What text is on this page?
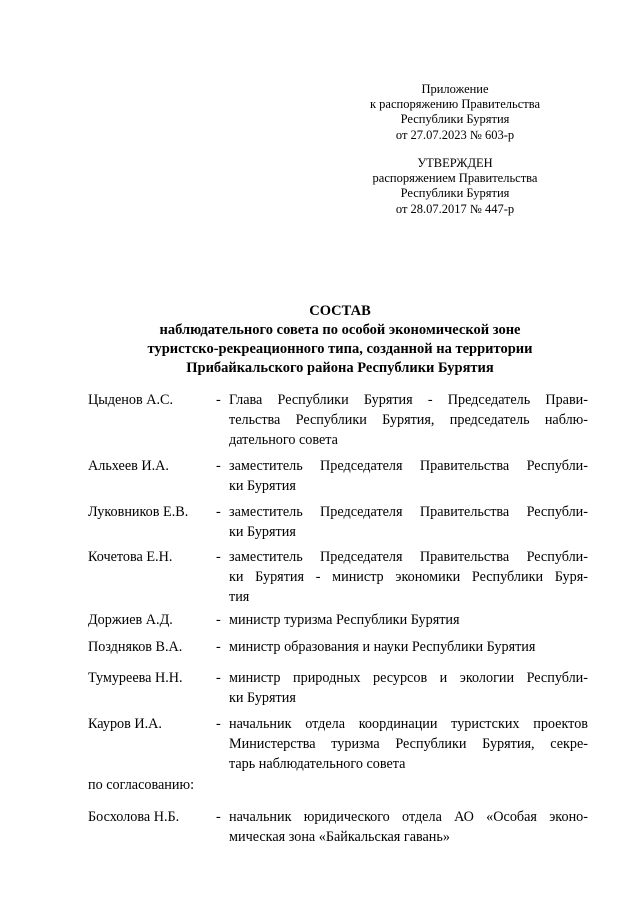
Приложение
к распоряжению Правительства
Республики Бурятия
от 27.07.2023 № 603-р
УТВЕРЖДЕН
распоряжением Правительства
Республики Бурятия
от 28.07.2017 № 447-р
СОСТАВ
наблюдательного совета по особой экономической зоне
туристско-рекреационного типа, созданной на территории
Прибайкальского района Республики Бурятия
Цыденов А.С.	- Глава Республики Бурятия - Председатель Прави-
тельства Республики Бурятия, председатель наблю-
дательного совета
Альхеев И.А.	- заместитель Председателя Правительства Республи-
ки Бурятия
Луковников Е.В. - заместитель Председателя Правительства Республи-
ки Бурятия
Кочетова Е.Н.	- заместитель Председателя Правительства Республи-
ки Бурятия - министр экономики Республики Буря-
тия
Доржиев А.Д.	- министр туризма Республики Бурятия
Поздняков В.А. - министр образования и науки Республики Бурятия
Тумуреева Н.Н. - министр природных ресурсов и экологии Республи-
ки Бурятия
Кауров И.А.	- начальник отдела координации туристских проектов
Министерства туризма Республики Бурятия, секре-
тарь наблюдательного совета
по согласованию:
Босхолова Н.Б.	- начальник юридического отдела АО «Особая эконо-
мическая зона «Байкальская гавань»
